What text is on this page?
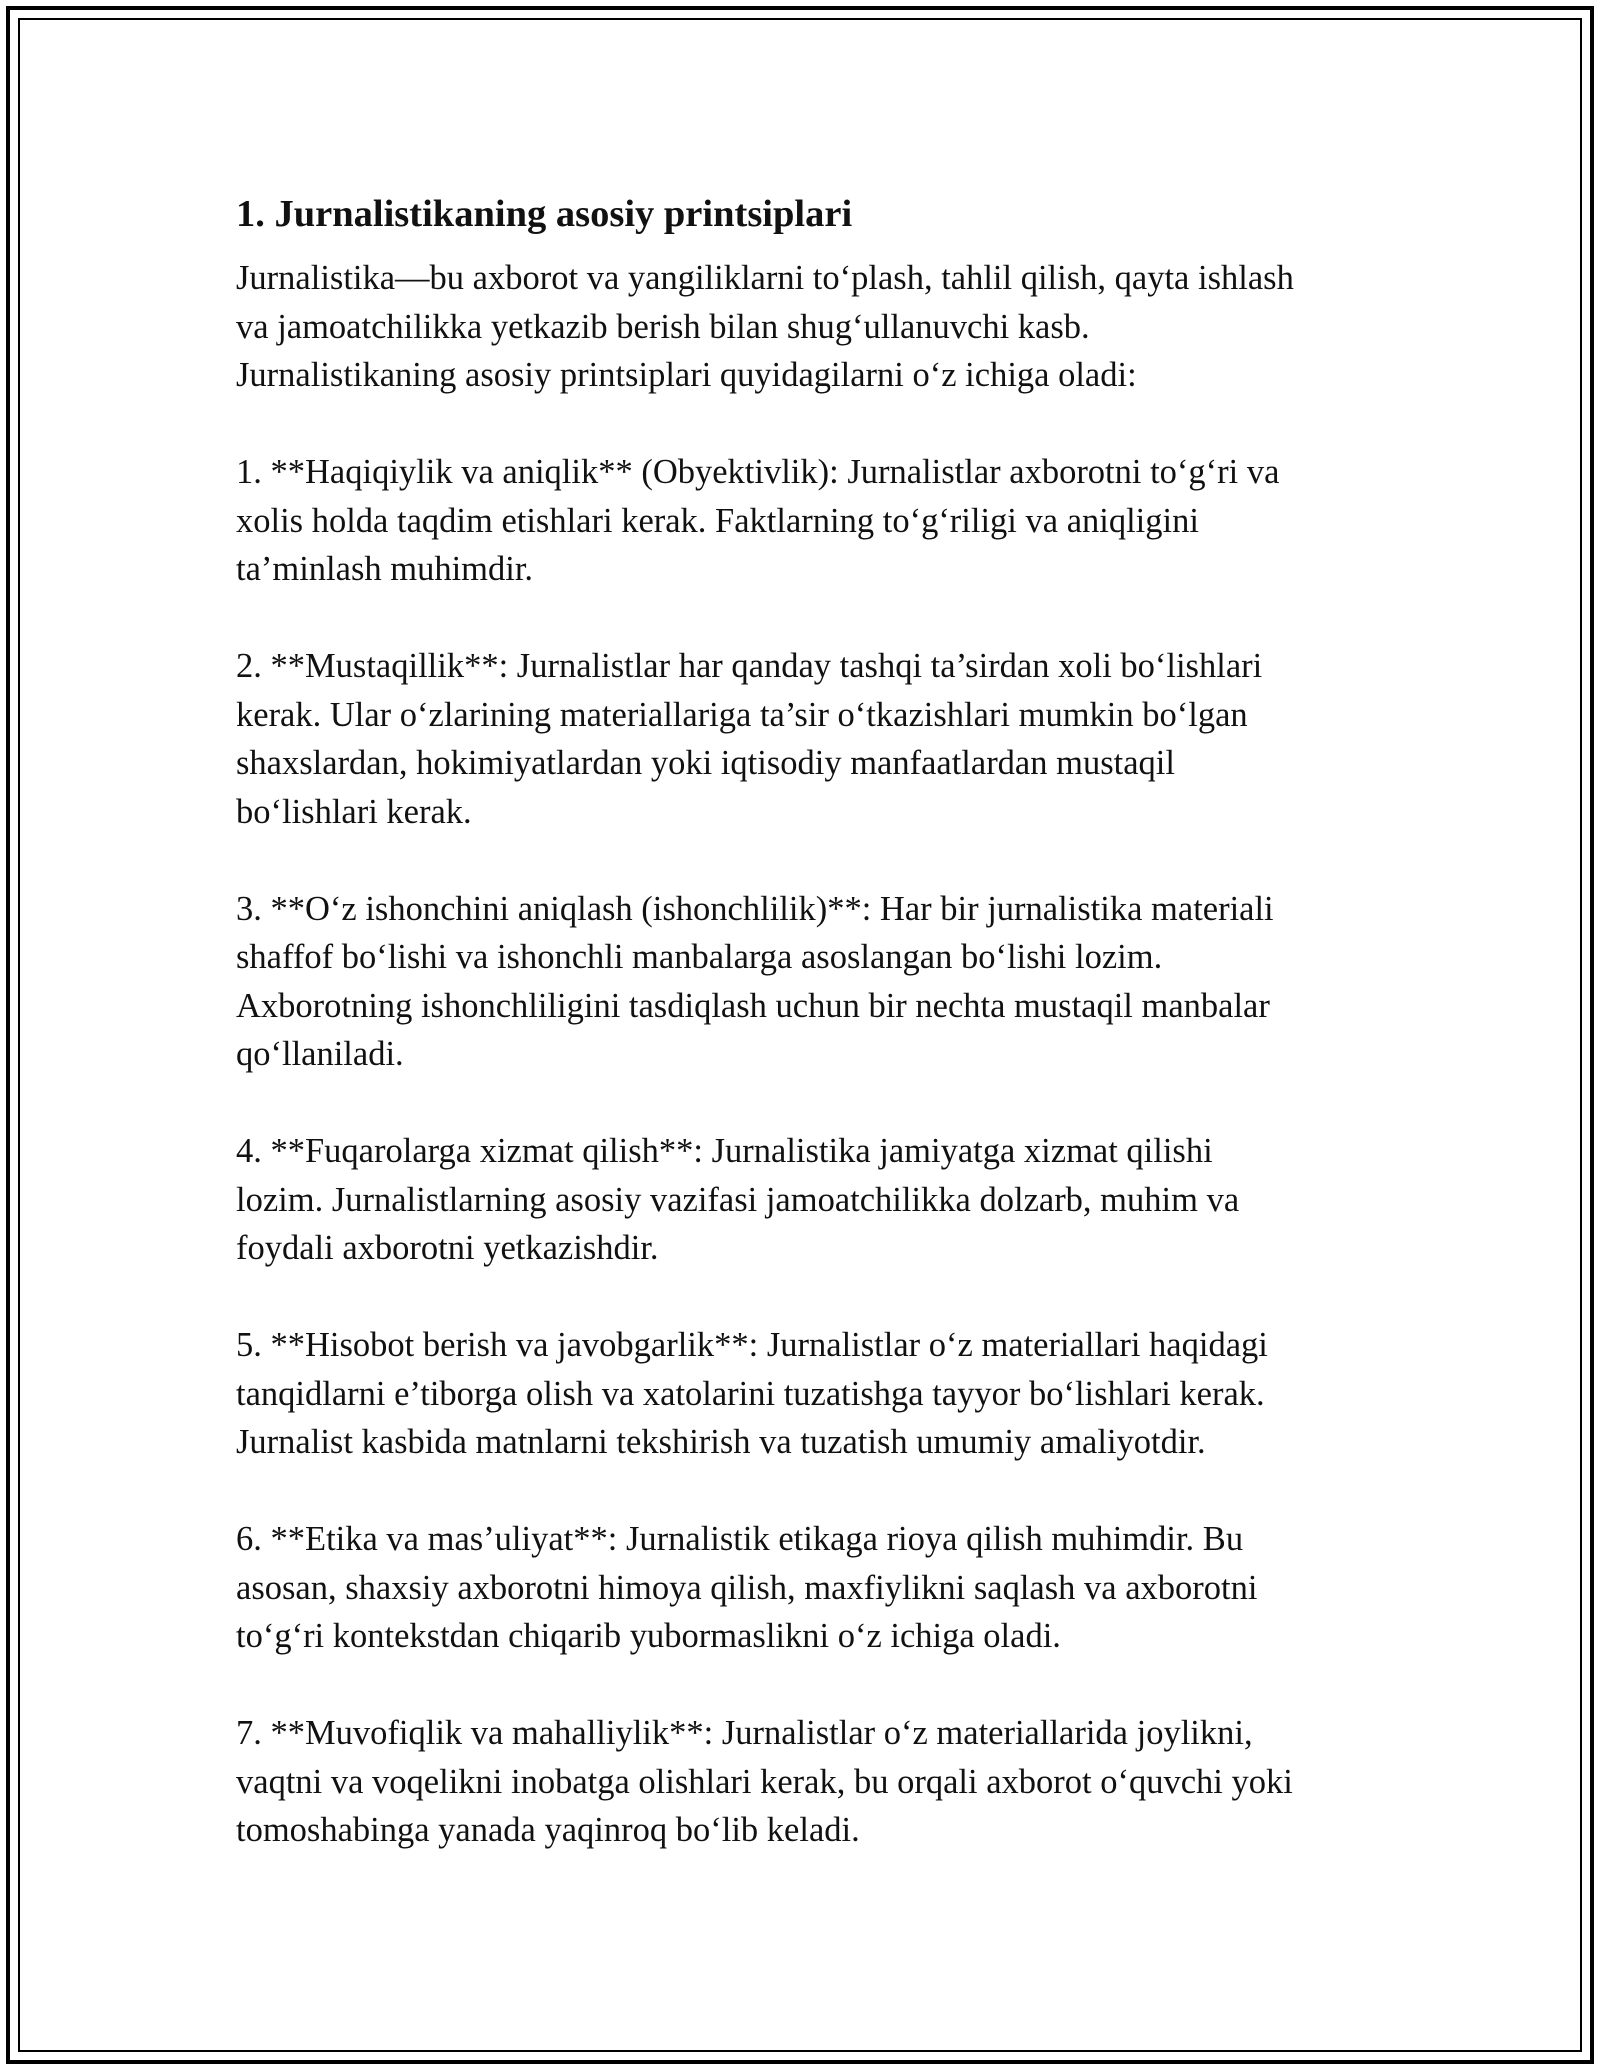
1. Jurnalistikaning asosiy printsiplari

Jurnalistika—bu axborot va yangiliklarni to‘plash, tahlil qilish, qayta ishlash
va jamoatchilikka yetkazib berish bilan shug‘ullanuvchi kasb.
Jurnalistikaning asosiy printsiplari quyidagilarni o‘z ichiga oladi:

1. **Haqiqiylik va aniqlik** (Obyektivlik): Jurnalistlar axborotni to‘g‘ri va
xolis holda taqdim etishlari kerak. Faktlarning to‘g‘riligi va aniqligini
ta’minlash muhimdir.

2. **Mustaqillik**: Jurnalistlar har qanday tashqi ta’sirdan xoli bo‘lishlari
kerak. Ular o‘zlarining materiallariga ta’sir o‘tkazishlari mumkin bo‘lgan
shaxslardan, hokimiyatlardan yoki iqtisodiy manfaatlardan mustaqil
bo‘lishlari kerak.

3. **O‘z ishonchini aniqlash (ishonchlilik)**: Har bir jurnalistika materiali
shaffof bo‘lishi va ishonchli manbalarga asoslangan bo‘lishi lozim.
Axborotning ishonchliligini tasdiqlash uchun bir nechta mustaqil manbalar
qo‘llaniladi.

4. **Fuqarolarga xizmat qilish**: Jurnalistika jamiyatga xizmat qilishi
lozim. Jurnalistlarning asosiy vazifasi jamoatchilikka dolzarb, muhim va
foydali axborotni yetkazishdir.

5. **Hisobot berish va javobgarlik**: Jurnalistlar o‘z materiallari haqidagi
tanqidlarni e’tiborga olish va xatolarini tuzatishga tayyor bo‘lishlari kerak.
Jurnalist kasbida matnlarni tekshirish va tuzatish umumiy amaliyotdir.

6. **Etika va mas’uliyat**: Jurnalistik etikaga rioya qilish muhimdir. Bu
asosan, shaxsiy axborotni himoya qilish, maxfiylikni saqlash va axborotni
to‘g‘ri kontekstdan chiqarib yubormaslikni o‘z ichiga oladi.

7. **Muvofiqlik va mahalliylik**: Jurnalistlar o‘z materiallarida joylikni,
vaqtni va voqelikni inobatga olishlari kerak, bu orqali axborot o‘quvchi yoki
tomoshabinga yanada yaqinroq bo‘lib keladi.
